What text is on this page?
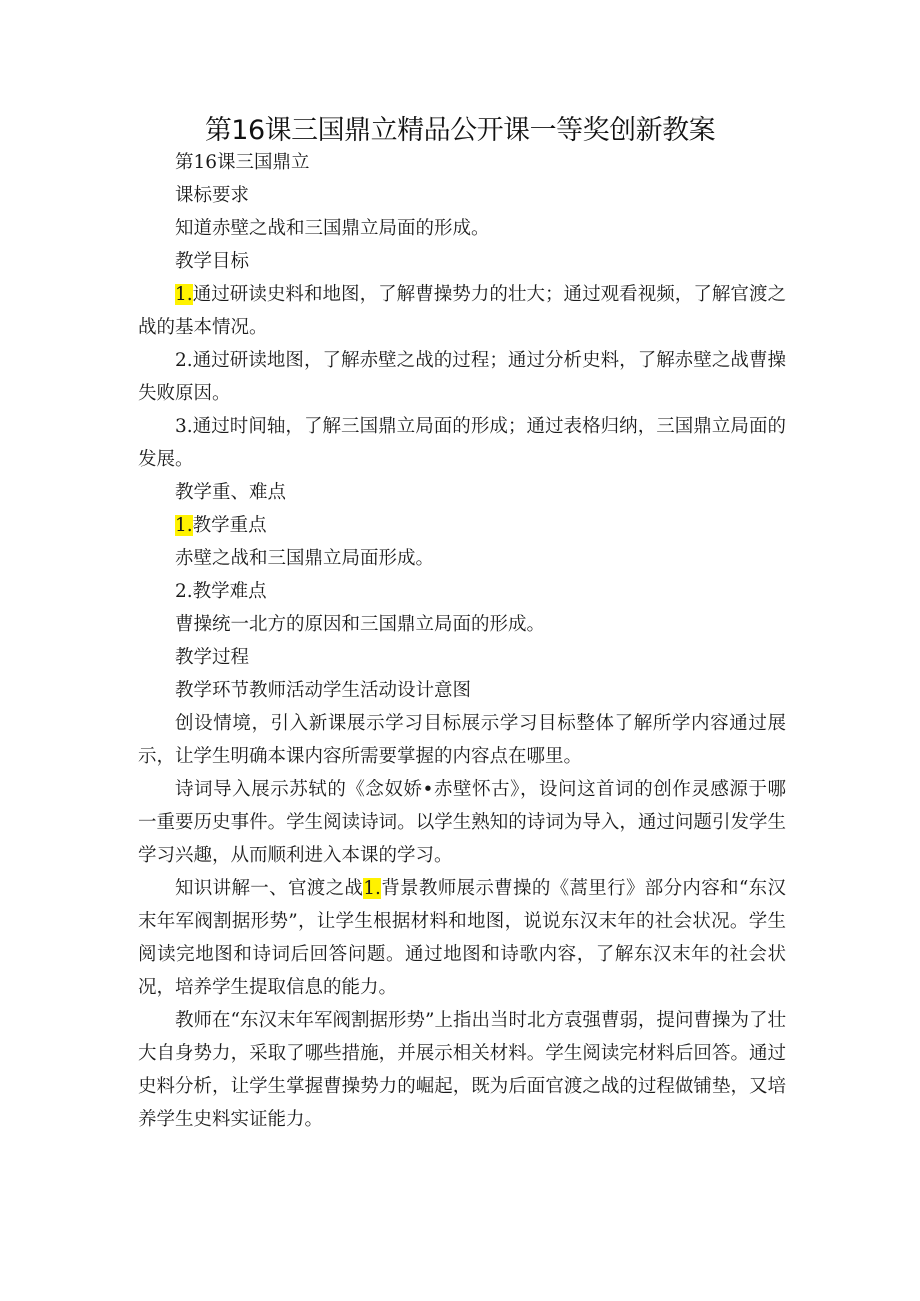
第16课三国鼎立精品公开课一等奖创新教案

第16课三国鼎立

课标要求

知道赤壁之战和三国鼎立局面的形成。

教学目标

1.通过研读史料和地图，了解曹操势力的壮大；通过观看视频，了解官渡之战的基本情况。

2.通过研读地图，了解赤壁之战的过程；通过分析史料，了解赤壁之战曹操失败原因。

3.通过时间轴，了解三国鼎立局面的形成；通过表格归纳，三国鼎立局面的发展。

教学重、难点

1.教学重点

赤壁之战和三国鼎立局面形成。

2.教学难点

曹操统一北方的原因和三国鼎立局面的形成。

教学过程

教学环节教师活动学生活动设计意图

创设情境，引入新课展示学习目标展示学习目标整体了解所学内容通过展示，让学生明确本课内容所需要掌握的内容点在哪里。

诗词导入展示苏轼的《念奴娇•赤壁怀古》，设问这首词的创作灵感源于哪一重要历史事件。学生阅读诗词。以学生熟知的诗词为导入，通过问题引发学生学习兴趣，从而顺利进入本课的学习。

知识讲解一、官渡之战1.背景教师展示曹操的《蒿里行》部分内容和“东汉末年军阀割据形势”，让学生根据材料和地图，说说东汉末年的社会状况。学生阅读完地图和诗词后回答问题。通过地图和诗歌内容，了解东汉末年的社会状况，培养学生提取信息的能力。

教师在“东汉末年军阀割据形势”上指出当时北方袁强曹弱，提问曹操为了壮大自身势力，采取了哪些措施，并展示相关材料。学生阅读完材料后回答。通过史料分析，让学生掌握曹操势力的崛起，既为后面官渡之战的过程做铺垫，又培养学生史料实证能力。
